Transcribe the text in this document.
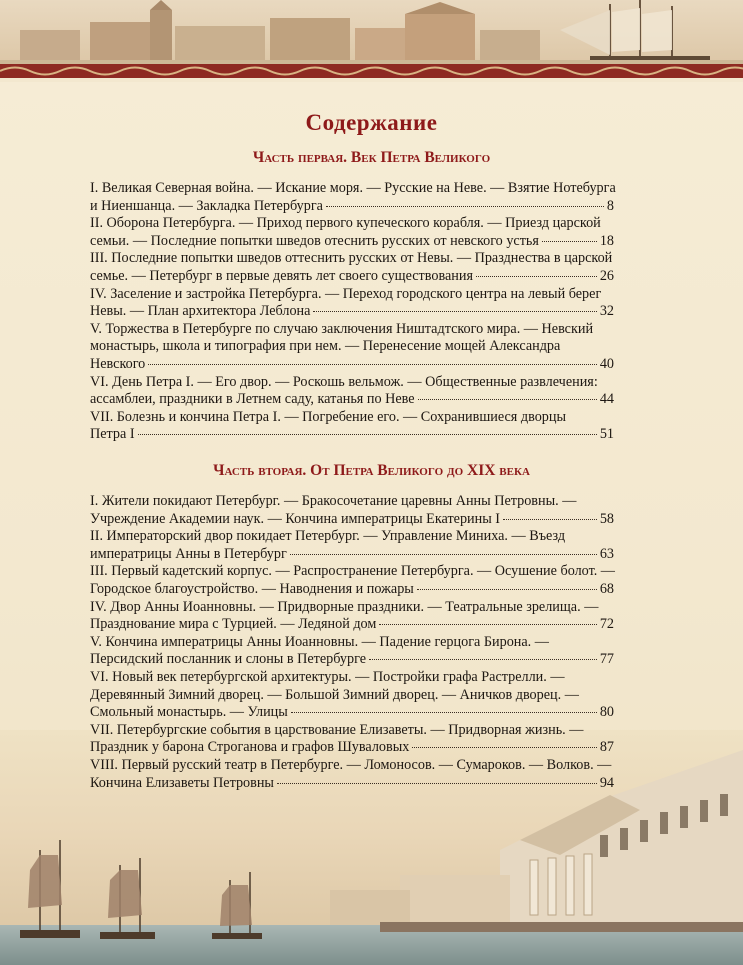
Содержание
Часть первая. Век Петра Великого
I. Великая Северная война. — Искание моря. — Русские на Неве. — Взятие Нотебурга
и Ниеншанца. — Закладка Петербурга	8
II. Оборона Петербурга. — Приход первого купеческого корабля. — Приезд царской
семьи. — Последние попытки шведов отеснить русских от невского устья	18
III. Последние попытки шведов оттеснить русских от Невы. — Празднества в царской
семье. — Петербург в первые девять лет своего существования	26
IV. Заселение и застройка Петербурга. — Переход городского центра на левый берег
Невы. — План архитектора Леблона	32
V. Торжества в Петербурге по случаю заключения Ништадтского мира. — Невский
монастырь, школа и типография при нем. — Перенесение мощей Александра
Невского	40
VI. День Петра I. — Его двор. — Роскошь вельмож. — Общественные развлечения:
ассамблеи, праздники в Летнем саду, катанья по Неве	44
VII. Болезнь и кончина Петра I. — Погребение его. — Сохранившиеся дворцы
Петра I	51
Часть вторая. От Петра Великого до XIX века
I. Жители покидают Петербург. — Бракосочетание царевны Анны Петровны. —
Учреждение Академии наук. — Кончина императрицы Екатерины I	58
II. Императорский двор покидает Петербург. — Управление Миниха. — Въезд
императрицы Анны в Петербург	63
III. Первый кадетский корпус. — Распространение Петербурга. — Осушение болот. —
Городское благоустройство. — Наводнения и пожары	68
IV. Двор Анны Иоанновны. — Придворные праздники. — Театральные зрелища. —
Празднование мира с Турцией. — Ледяной дом	72
V. Кончина императрицы Анны Иоанновны. — Падение герцога Бирона. —
Персидский посланник и слоны в Петербурге	77
VI. Новый век петербургской архитектуры. — Постройки графа Растрелли. —
Деревянный Зимний дворец. — Большой Зимний дворец. — Аничков дворец. —
Смольный монастырь. — Улицы	80
VII. Петербургские события в царствование Елизаветы. — Придворная жизнь. —
Праздник у барона Строганова и графов Шуваловых	87
VIII. Первый русский театр в Петербурге. — Ломоносов. — Сумароков. — Волков. —
Кончина Елизаветы Петровны	94
